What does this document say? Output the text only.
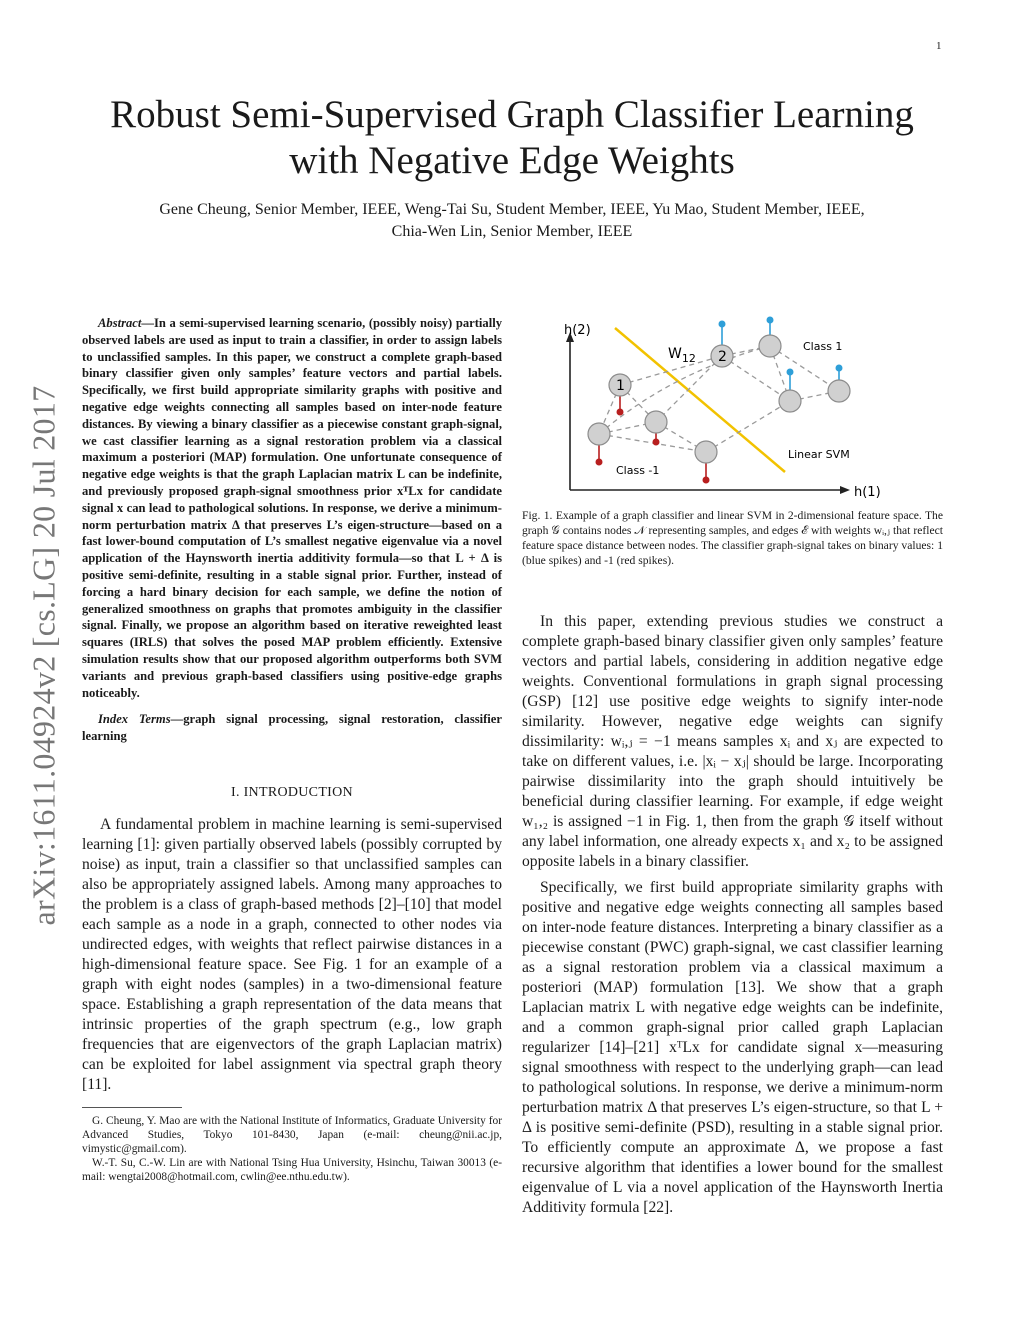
1
arXiv:1611.04924v2 [cs.LG] 20 Jul 2017
Robust Semi-Supervised Graph Classifier Learning
with Negative Edge Weights
Gene Cheung, Senior Member, IEEE, Weng-Tai Su, Student Member, IEEE, Yu Mao, Student Member, IEEE,
Chia-Wen Lin, Senior Member, IEEE

Abstract—In a semi-supervised learning scenario, (possibly noisy) partially observed labels are used as input to train a classifier, in order to assign labels to unclassified samples. In this paper, we construct a complete graph-based binary classifier given only samples’ feature vectors and partial labels. Specifically, we first build appropriate similarity graphs with positive and negative edge weights connecting all samples based on inter-node feature distances. By viewing a binary classifier as a piecewise constant graph-signal, we cast classifier learning as a signal restoration problem via a classical maximum a posteriori (MAP) formulation. One unfortunate consequence of negative edge weights is that the graph Laplacian matrix L can be indefinite, and previously proposed graph-signal smoothness prior xᵀLx for candidate signal x can lead to pathological solutions. In response, we derive a minimum-norm perturbation matrix Δ that preserves L’s eigen-structure—based on a fast lower-bound computation of L’s smallest negative eigenvalue via a novel application of the Haynsworth inertia additivity formula—so that L + Δ is positive semi-definite, resulting in a stable signal prior. Further, instead of forcing a hard binary decision for each sample, we define the notion of generalized smoothness on graphs that promotes ambiguity in the classifier signal. Finally, we propose an algorithm based on iterative reweighted least squares (IRLS) that solves the posed MAP problem efficiently. Extensive simulation results show that our proposed algorithm outperforms both SVM variants and previous graph-based classifiers using positive-edge graphs noticeably.

Index Terms—graph signal processing, signal restoration, classifier learning

I. INTRODUCTION

A fundamental problem in machine learning is semi-supervised learning [1]: given partially observed labels (possibly corrupted by noise) as input, train a classifier so that unclassified samples can also be appropriately assigned labels. Among many approaches to the problem is a class of graph-based methods [2]–[10] that model each sample as a node in a graph, connected to other nodes via undirected edges, with weights that reflect pairwise distances in a high-dimensional feature space. See Fig. 1 for an example of a graph with eight nodes (samples) in a two-dimensional feature space. Establishing a graph representation of the data means that intrinsic properties of the graph spectrum (e.g., low graph frequencies that are eigenvectors of the graph Laplacian matrix) can be exploited for label assignment via spectral graph theory [11].

G. Cheung, Y. Mao are with the National Institute of Informatics, Graduate University for Advanced Studies, Tokyo 101-8430, Japan (e-mail: cheung@nii.ac.jp, vimystic@gmail.com).

W.-T. Su, C.-W. Lin are with National Tsing Hua University, Hsinchu, Taiwan 30013 (e-mail: wengtai2008@hotmail.com, cwlin@ee.nthu.edu.tw).

h(2)
h(1)
Linear SVM
1
2
$W_{12}$
Class 1
Class -1

Fig. 1. Example of a graph classifier and linear SVM in 2-dimensional feature space. The graph 𝒢 contains nodes 𝒩 representing samples, and edges ℰ with weights wᵢ,ⱼ that reflect feature space distance between nodes. The classifier graph-signal takes on binary values: 1 (blue spikes) and -1 (red spikes).

In this paper, extending previous studies we construct a complete graph-based binary classifier given only samples’ feature vectors and partial labels, considering in addition negative edge weights. Conventional formulations in graph signal processing (GSP) [12] use positive edge weights to signify inter-node similarity. However, negative edge weights can signify dissimilarity: wᵢ,ⱼ = −1 means samples xᵢ and xⱼ are expected to take on different values, i.e. |xᵢ − xⱼ| should be large. Incorporating pairwise dissimilarity into the graph should intuitively be beneficial during classifier learning. For example, if edge weight w₁,₂ is assigned −1 in Fig. 1, then from the graph 𝒢 itself without any label information, one already expects x₁ and x₂ to be assigned opposite labels in a binary classifier.

Specifically, we first build appropriate similarity graphs with positive and negative edge weights connecting all samples based on inter-node feature distances. Interpreting a binary classifier as a piecewise constant (PWC) graph-signal, we cast classifier learning as a signal restoration problem via a classical maximum a posteriori (MAP) formulation [13]. We show that a graph Laplacian matrix L with negative edge weights can be indefinite, and a common graph-signal prior called graph Laplacian regularizer [14]–[21] xᵀLx for candidate signal x—measuring signal smoothness with respect to the underlying graph—can lead to pathological solutions. In response, we derive a minimum-norm perturbation matrix Δ that preserves L’s eigen-structure, so that L + Δ is positive semi-definite (PSD), resulting in a stable signal prior. To efficiently compute an approximate Δ, we propose a fast recursive algorithm that identifies a lower bound for the smallest eigenvalue of L via a novel application of the Haynsworth Inertia Additivity formula [22].
